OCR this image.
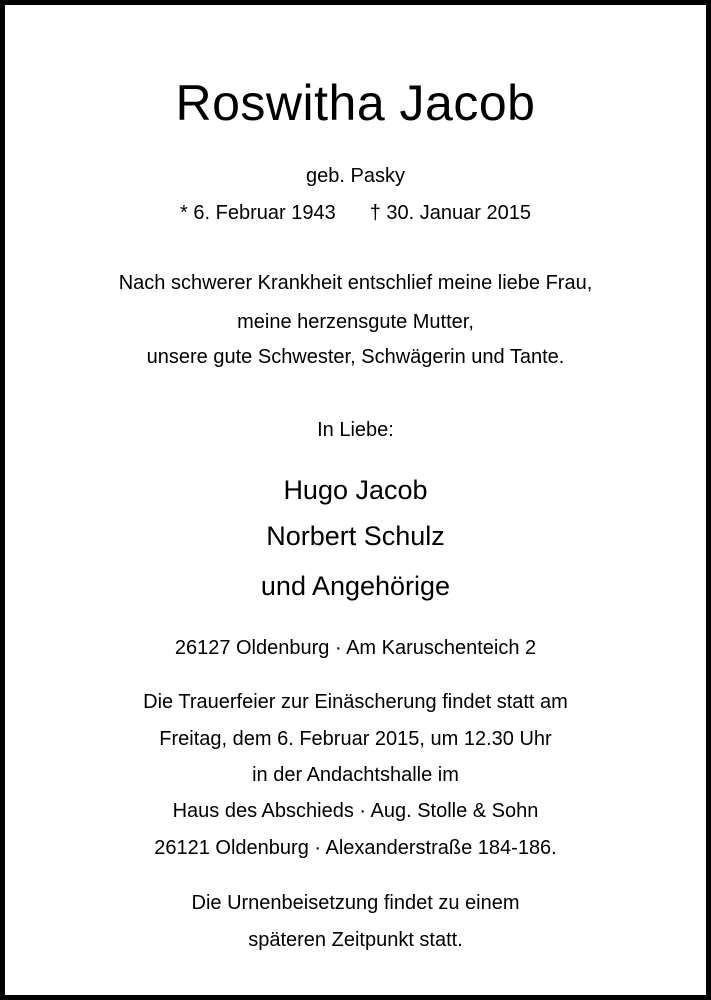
Roswitha Jacob
geb. Pasky
* 6. Februar 1943 † 30. Januar 2015
Nach schwerer Krankheit entschlief meine liebe Frau,
meine herzensgute Mutter,
unsere gute Schwester, Schwägerin und Tante.
In Liebe:
Hugo Jacob
Norbert Schulz
und Angehörige
26127 Oldenburg · Am Karuschenteich 2
Die Trauerfeier zur Einäscherung findet statt am
Freitag, dem 6. Februar 2015, um 12.30 Uhr
in der Andachtshalle im
Haus des Abschieds · Aug. Stolle & Sohn
26121 Oldenburg · Alexanderstraße 184-186.
Die Urnenbeisetzung findet zu einem
späteren Zeitpunkt statt.
